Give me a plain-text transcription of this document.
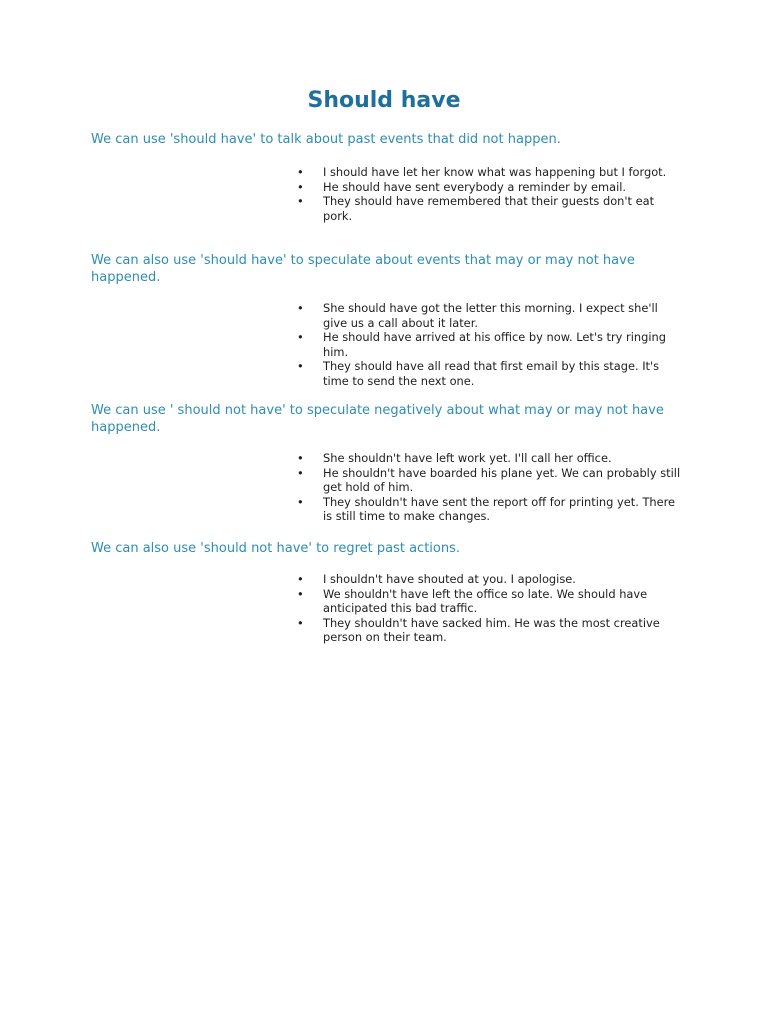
Should have

We can use 'should have' to talk about past events that did not happen.

• I should have let her know what was happening but I forgot.
• He should have sent everybody a reminder by email.
• They should have remembered that their guests don't eat pork.

We can also use 'should have' to speculate about events that may or may not have happened.

• She should have got the letter this morning. I expect she'll give us a call about it later.
• He should have arrived at his office by now. Let's try ringing him.
• They should have all read that first email by this stage. It's time to send the next one.

We can use ' should not have' to speculate negatively about what may or may not have happened.

• She shouldn't have left work yet. I'll call her office.
• He shouldn't have boarded his plane yet. We can probably still get hold of him.
• They shouldn't have sent the report off for printing yet. There is still time to make changes.

We can also use 'should not have' to regret past actions.

• I shouldn't have shouted at you. I apologise.
• We shouldn't have left the office so late. We should have anticipated this bad traffic.
• They shouldn't have sacked him. He was the most creative person on their team.
